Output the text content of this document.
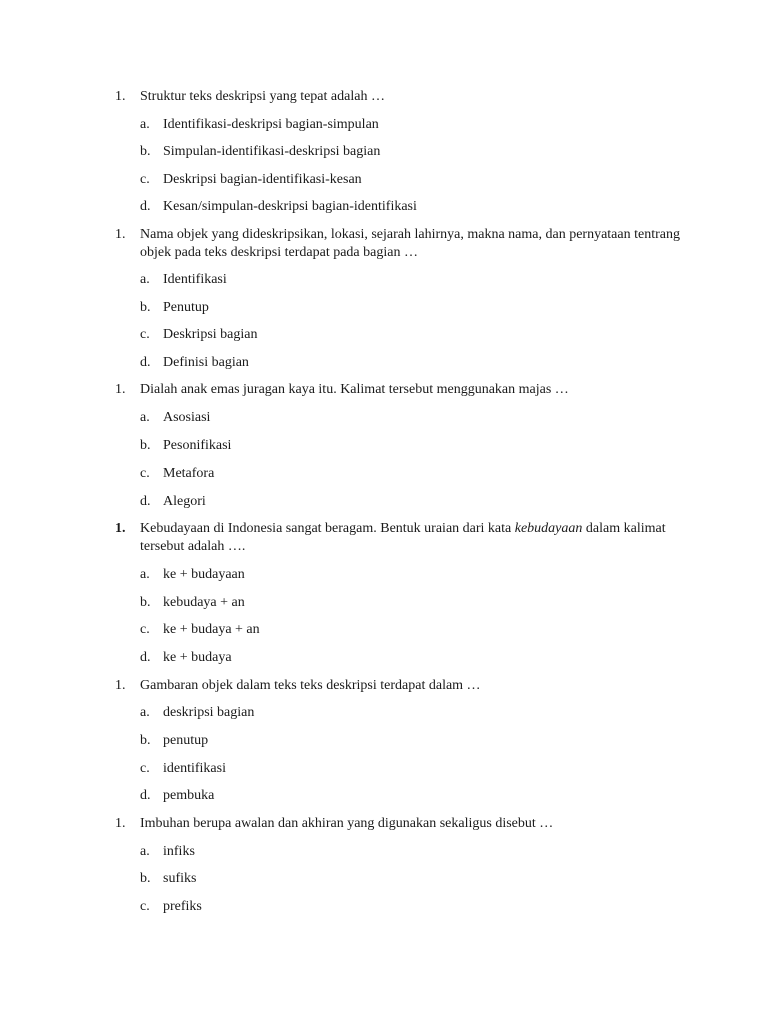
1. Struktur teks deskripsi yang tepat adalah …
a. Identifikasi-deskripsi bagian-simpulan
b. Simpulan-identifikasi-deskripsi bagian
c. Deskripsi bagian-identifikasi-kesan
d. Kesan/simpulan-deskripsi bagian-identifikasi
1. Nama objek yang dideskripsikan, lokasi, sejarah lahirnya, makna nama, dan pernyataan tentrang objek pada teks deskripsi terdapat pada bagian …
a. Identifikasi
b. Penutup
c. Deskripsi bagian
d. Definisi bagian
1. Dialah anak emas juragan kaya itu. Kalimat tersebut menggunakan majas …
a. Asosiasi
b. Pesonifikasi
c. Metafora
d. Alegori
1. Kebudayaan di Indonesia sangat beragam. Bentuk uraian dari kata kebudayaan dalam kalimat tersebut adalah ….
a. ke + budayaan
b. kebudaya + an
c. ke + budaya + an
d. ke + budaya
1. Gambaran objek dalam teks teks deskripsi terdapat dalam …
a. deskripsi bagian
b. penutup
c. identifikasi
d. pembuka
1. Imbuhan berupa awalan dan akhiran yang digunakan sekaligus disebut …
a. infiks
b. sufiks
c. prefiks
